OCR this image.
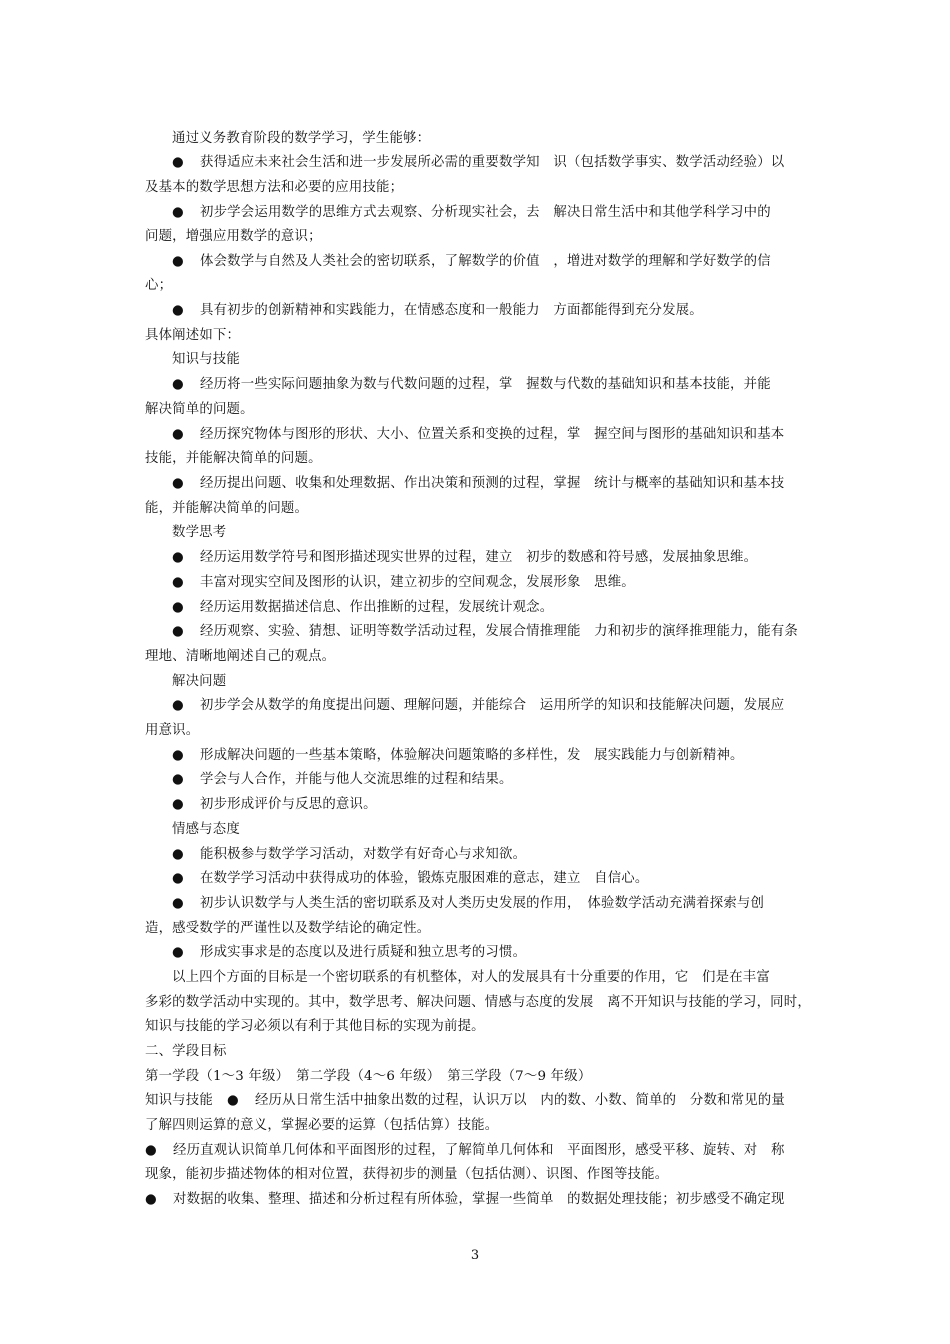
通过义务教育阶段的数学学习，学生能够：
● 获得适应未来社会生活和进一步发展所必需的重要数学知　识（包括数学事实、数学活动经验）以
及基本的数学思想方法和必要的应用技能；
● 初步学会运用数学的思维方式去观察、分析现实社会，去　解决日常生活中和其他学科学习中的
问题，增强应用数学的意识；
● 体会数学与自然及人类社会的密切联系，了解数学的价值　，增进对数学的理解和学好数学的信
心；
● 具有初步的创新精神和实践能力，在情感态度和一般能力　方面都能得到充分发展。
具体阐述如下：
知识与技能
● 经历将一些实际问题抽象为数与代数问题的过程，掌　握数与代数的基础知识和基本技能，并能
解决简单的问题。
● 经历探究物体与图形的形状、大小、位置关系和变换的过程，掌　握空间与图形的基础知识和基本
技能，并能解决简单的问题。
● 经历提出问题、收集和处理数据、作出决策和预测的过程，掌握　统计与概率的基础知识和基本技
能，并能解决简单的问题。
数学思考
● 经历运用数学符号和图形描述现实世界的过程，建立　初步的数感和符号感，发展抽象思维。
● 丰富对现实空间及图形的认识，建立初步的空间观念，发展形象　思维。
● 经历运用数据描述信息、作出推断的过程，发展统计观念。
● 经历观察、实验、猜想、证明等数学活动过程，发展合情推理能　力和初步的演绎推理能力，能有条
理地、清晰地阐述自己的观点。
解决问题
● 初步学会从数学的角度提出问题、理解问题，并能综合　运用所学的知识和技能解决问题，发展应
用意识。
● 形成解决问题的一些基本策略，体验解决问题策略的多样性，发　展实践能力与创新精神。
● 学会与人合作，并能与他人交流思维的过程和结果。
● 初步形成评价与反思的意识。
情感与态度
● 能积极参与数学学习活动，对数学有好奇心与求知欲。
● 在数学学习活动中获得成功的体验，锻炼克服困难的意志，建立　自信心。
● 初步认识数学与人类生活的密切联系及对人类历史发展的作用，　体验数学活动充满着探索与创
造，感受数学的严谨性以及数学结论的确定性。
● 形成实事求是的态度以及进行质疑和独立思考的习惯。
以上四个方面的目标是一个密切联系的有机整体，对人的发展具有十分重要的作用，它　们是在丰富
多彩的数学活动中实现的。其中，数学思考、解决问题、情感与态度的发展　离不开知识与技能的学习，同时，
知识与技能的学习必须以有利于其他目标的实现为前提。
二、学段目标
第一学段（1～3 年级）　第二学段（4～6 年级）　第三学段（7～9 年级）
知识与技能 ● 经历从日常生活中抽象出数的过程，认识万以　内的数、小数、简单的　分数和常见的量
了解四则运算的意义，掌握必要的运算（包括估算）技能。
● 经历直观认识简单几何体和平面图形的过程，了解简单几何体和　平面图形，感受平移、旋转、对　称
现象，能初步描述物体的相对位置，获得初步的测量（包括估测）、识图、作图等技能。
● 对数据的收集、整理、描述和分析过程有所体验，掌握一些简单　的数据处理技能；初步感受不确定现
3
